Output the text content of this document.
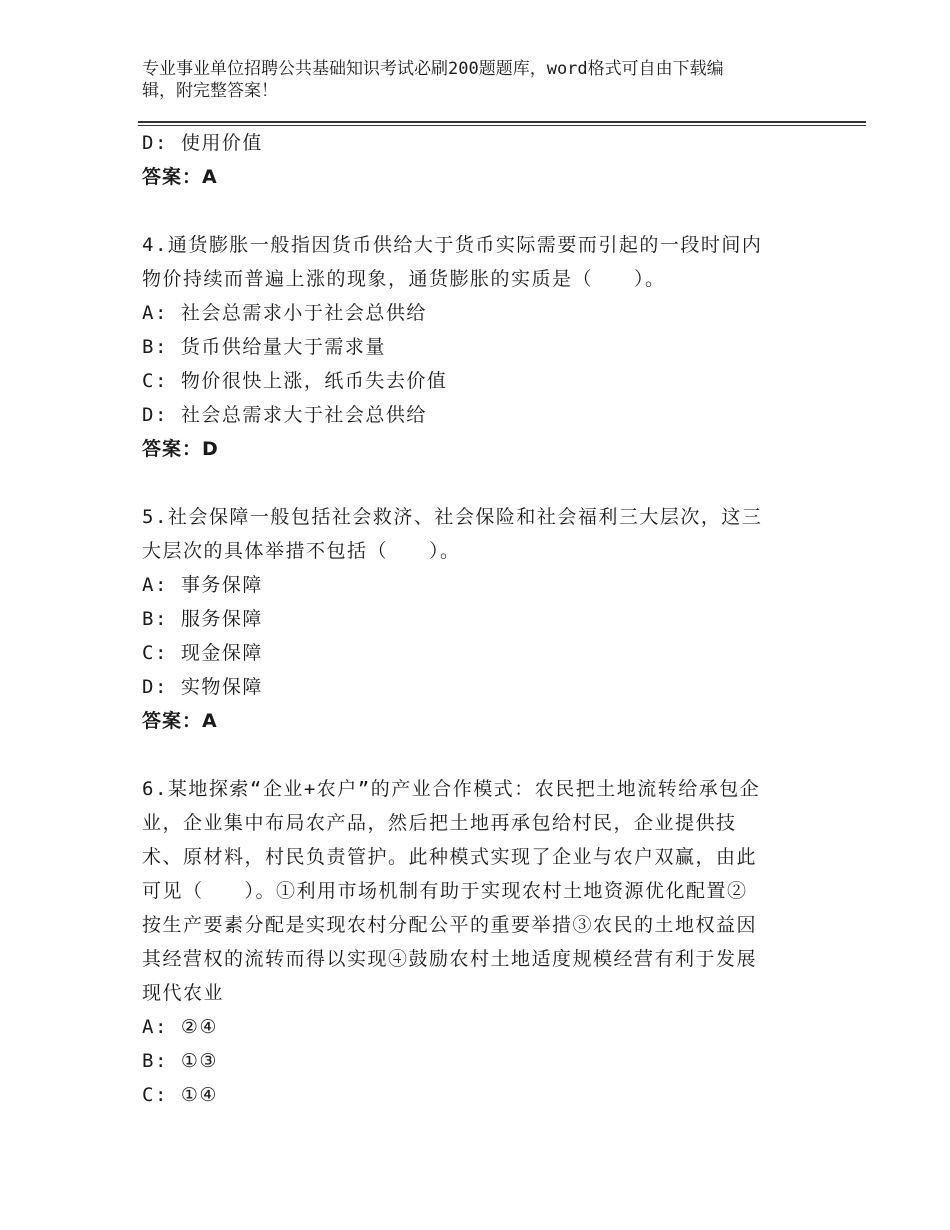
专业事业单位招聘公共基础知识考试必刷200题题库，word格式可自由下载编
辑，附完整答案！
D: 使用价值
答案：A
4.通货膨胀一般指因货币供给大于货币实际需要而引起的一段时间内
物价持续而普遍上涨的现象，通货膨胀的实质是（　　）。
A: 社会总需求小于社会总供给
B: 货币供给量大于需求量
C: 物价很快上涨，纸币失去价值
D: 社会总需求大于社会总供给
答案：D
5.社会保障一般包括社会救济、社会保险和社会福利三大层次，这三
大层次的具体举措不包括（　　）。
A: 事务保障
B: 服务保障
C: 现金保障
D: 实物保障
答案：A
6.某地探索“企业+农户”的产业合作模式：农民把土地流转给承包企
业，企业集中布局农产品，然后把土地再承包给村民，企业提供技
术、原材料，村民负责管护。此种模式实现了企业与农户双赢，由此
可见（　　）。①利用市场机制有助于实现农村土地资源优化配置②
按生产要素分配是实现农村分配公平的重要举措③农民的土地权益因
其经营权的流转而得以实现④鼓励农村土地适度规模经营有利于发展
现代农业
A: ②④
B: ①③
C: ①④
